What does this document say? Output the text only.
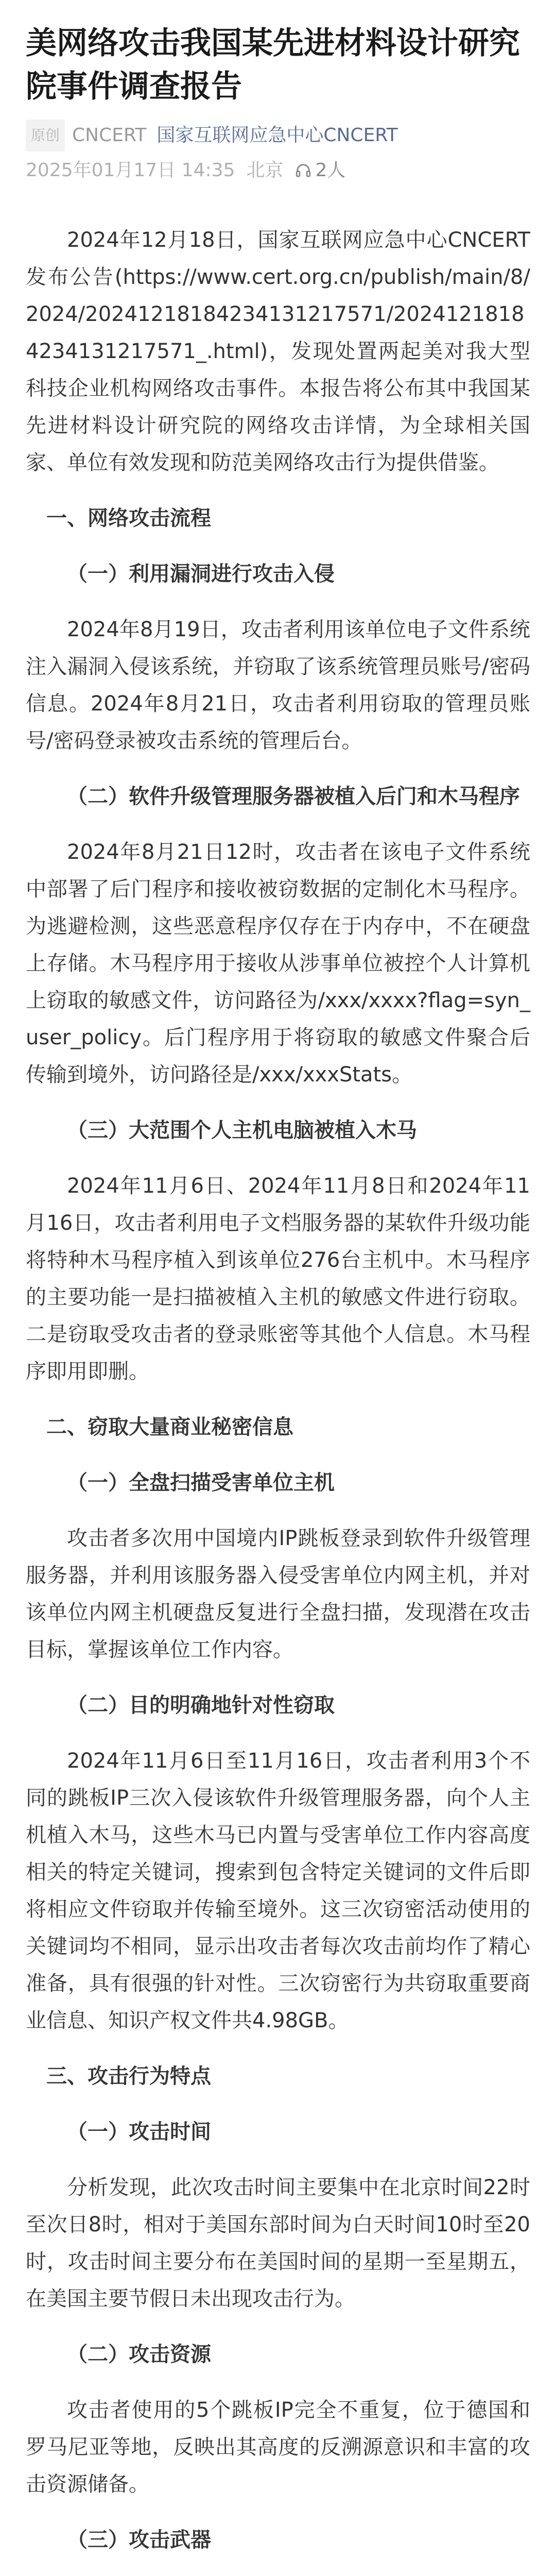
美网络攻击我国某先进材料设计研究院事件调查报告
原创 CNCERT 国家互联网应急中心CNCERT
2025年01月17日 14:35 北京 2人

2024年12月18日，国家互联网应急中心CNCERT发布公告(https://www.cert.org.cn/publish/main/8/2024/20241218184234131217571/20241218184234131217571_.html)，发现处置两起美对我大型科技企业机构网络攻击事件。本报告将公布其中我国某先进材料设计研究院的网络攻击详情，为全球相关国家、单位有效发现和防范美网络攻击行为提供借鉴。

一、网络攻击流程
（一）利用漏洞进行攻击入侵

2024年8月19日，攻击者利用该单位电子文件系统注入漏洞入侵该系统，并窃取了该系统管理员账号/密码信息。2024年8月21日，攻击者利用窃取的管理员账号/密码登录被攻击系统的管理后台。

（二）软件升级管理服务器被植入后门和木马程序

2024年8月21日12时，攻击者在该电子文件系统中部署了后门程序和接收被窃数据的定制化木马程序。为逃避检测，这些恶意程序仅存在于内存中，不在硬盘上存储。木马程序用于接收从涉事单位被控个人计算机上窃取的敏感文件，访问路径为/xxx/xxxx?flag=syn_user_policy。后门程序用于将窃取的敏感文件聚合后传输到境外，访问路径是/xxx/xxxStats。

（三）大范围个人主机电脑被植入木马

2024年11月6日、2024年11月8日和2024年11月16日，攻击者利用电子文档服务器的某软件升级功能将特种木马程序植入到该单位276台主机中。木马程序的主要功能一是扫描被植入主机的敏感文件进行窃取。二是窃取受攻击者的登录账密等其他个人信息。木马程序即用即删。

二、窃取大量商业秘密信息
（一）全盘扫描受害单位主机

攻击者多次用中国境内IP跳板登录到软件升级管理服务器，并利用该服务器入侵受害单位内网主机，并对该单位内网主机硬盘反复进行全盘扫描，发现潜在攻击目标，掌握该单位工作内容。

（二）目的明确地针对性窃取

2024年11月6日至11月16日，攻击者利用3个不同的跳板IP三次入侵该软件升级管理服务器，向个人主机植入木马，这些木马已内置与受害单位工作内容高度相关的特定关键词，搜索到包含特定关键词的文件后即将相应文件窃取并传输至境外。这三次窃密活动使用的关键词均不相同，显示出攻击者每次攻击前均作了精心准备，具有很强的针对性。三次窃密行为共窃取重要商业信息、知识产权文件共4.98GB。

三、攻击行为特点
（一）攻击时间

分析发现，此次攻击时间主要集中在北京时间22时至次日8时，相对于美国东部时间为白天时间10时至20时，攻击时间主要分布在美国时间的星期一至星期五，在美国主要节假日未出现攻击行为。

（二）攻击资源

攻击者使用的5个跳板IP完全不重复，位于德国和罗马尼亚等地，反映出其高度的反溯源意识和丰富的攻击资源储备。

（三）攻击武器
